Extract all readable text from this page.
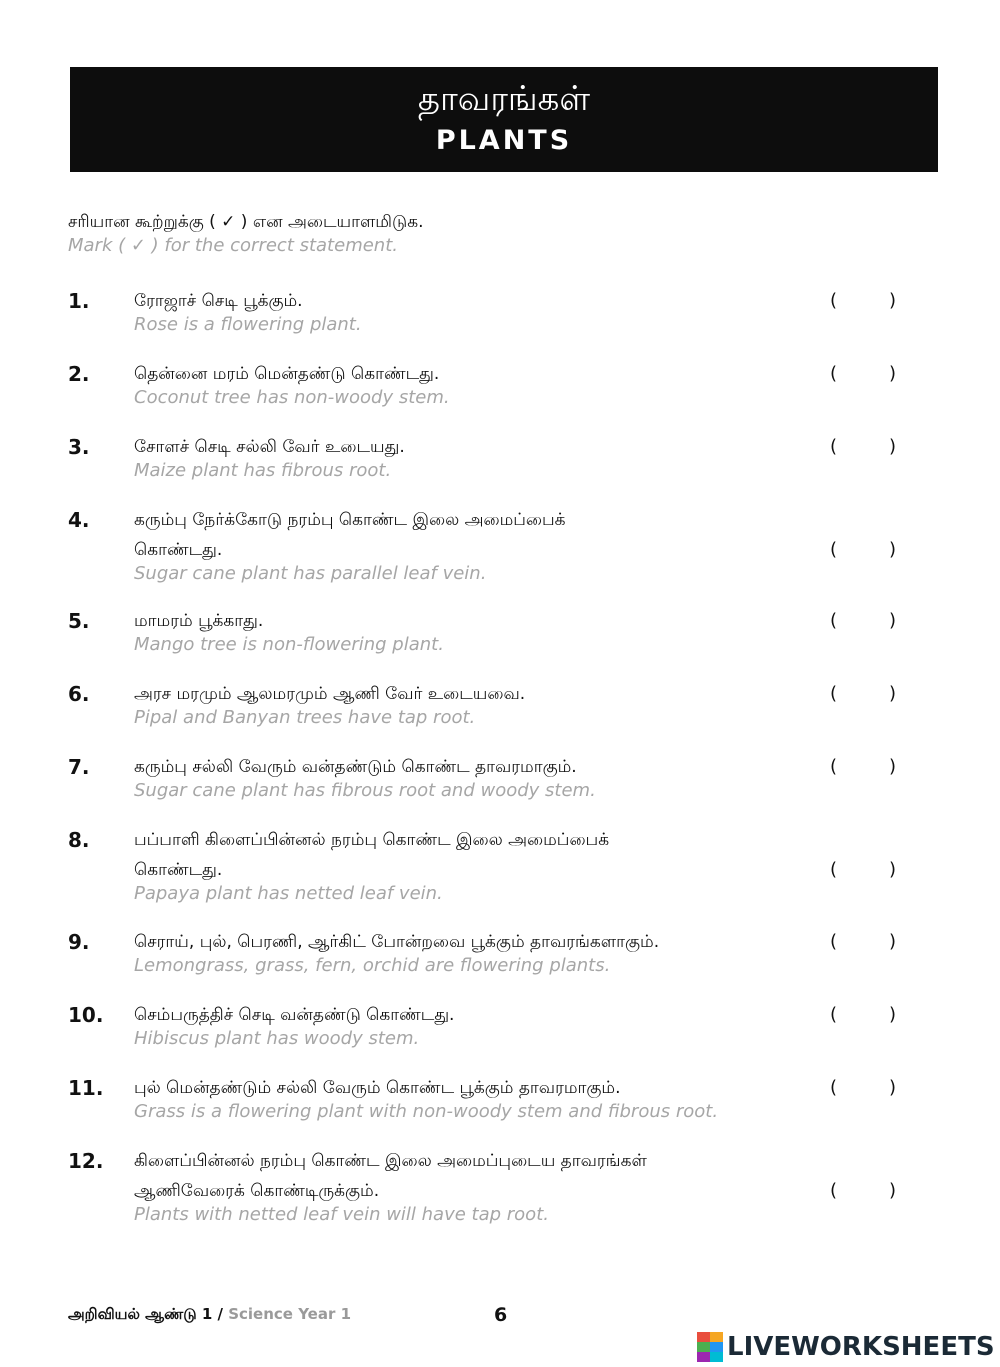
தாவரங்கள்
PLANTS
சரியான கூற்றுக்கு ( ✓ ) என அடையாளமிடுக.
Mark ( ✓ ) for the correct statement.
1.	ரோஜாச் செடி பூக்கும்.
Rose is a flowering plant.
(	)
2.	தென்னை மரம் மென்தண்டு கொண்டது.
Coconut tree has non-woody stem.
(	)
3.	சோளச் செடி சல்லி வேர் உடையது.
Maize plant has fibrous root.
(	)
4.	கரும்பு நேர்க்கோடு நரம்பு கொண்ட இலை அமைப்பைக்
கொண்டது.
Sugar cane plant has parallel leaf vein.
(	)
5.	மாமரம் பூக்காது.
Mango tree is non-flowering plant.
(	)
6.	அரச மரமும் ஆலமரமும் ஆணி வேர் உடையவை.
Pipal and Banyan trees have tap root.
(	)
7.	கரும்பு சல்லி வேரும் வன்தண்டும் கொண்ட தாவரமாகும்.
Sugar cane plant has fibrous root and woody stem.
(	)
8.	பப்பாளி கிளைப்பின்னல் நரம்பு கொண்ட இலை அமைப்பைக்
கொண்டது.
Papaya plant has netted leaf vein.
(	)
9.	செராய், புல், பெரணி, ஆர்கிட் போன்றவை பூக்கும் தாவரங்களாகும்.
Lemongrass, grass, fern, orchid are flowering plants.
(	)
10. செம்பருத்திச் செடி வன்தண்டு கொண்டது.
Hibiscus plant has woody stem.
(	)
11. புல் மென்தண்டும் சல்லி வேரும் கொண்ட பூக்கும் தாவரமாகும்.
Grass is a flowering plant with non-woody stem and fibrous root.
(	)
12. கிளைப்பின்னல் நரம்பு கொண்ட இலை அமைப்புடைய தாவரங்கள்
ஆணிவேரைக் கொண்டிருக்கும்.
Plants with netted leaf vein will have tap root.
(	)
அறிவியல் ஆண்டு 1 / Science Year 1	6
LIVEWORKSHEETS
